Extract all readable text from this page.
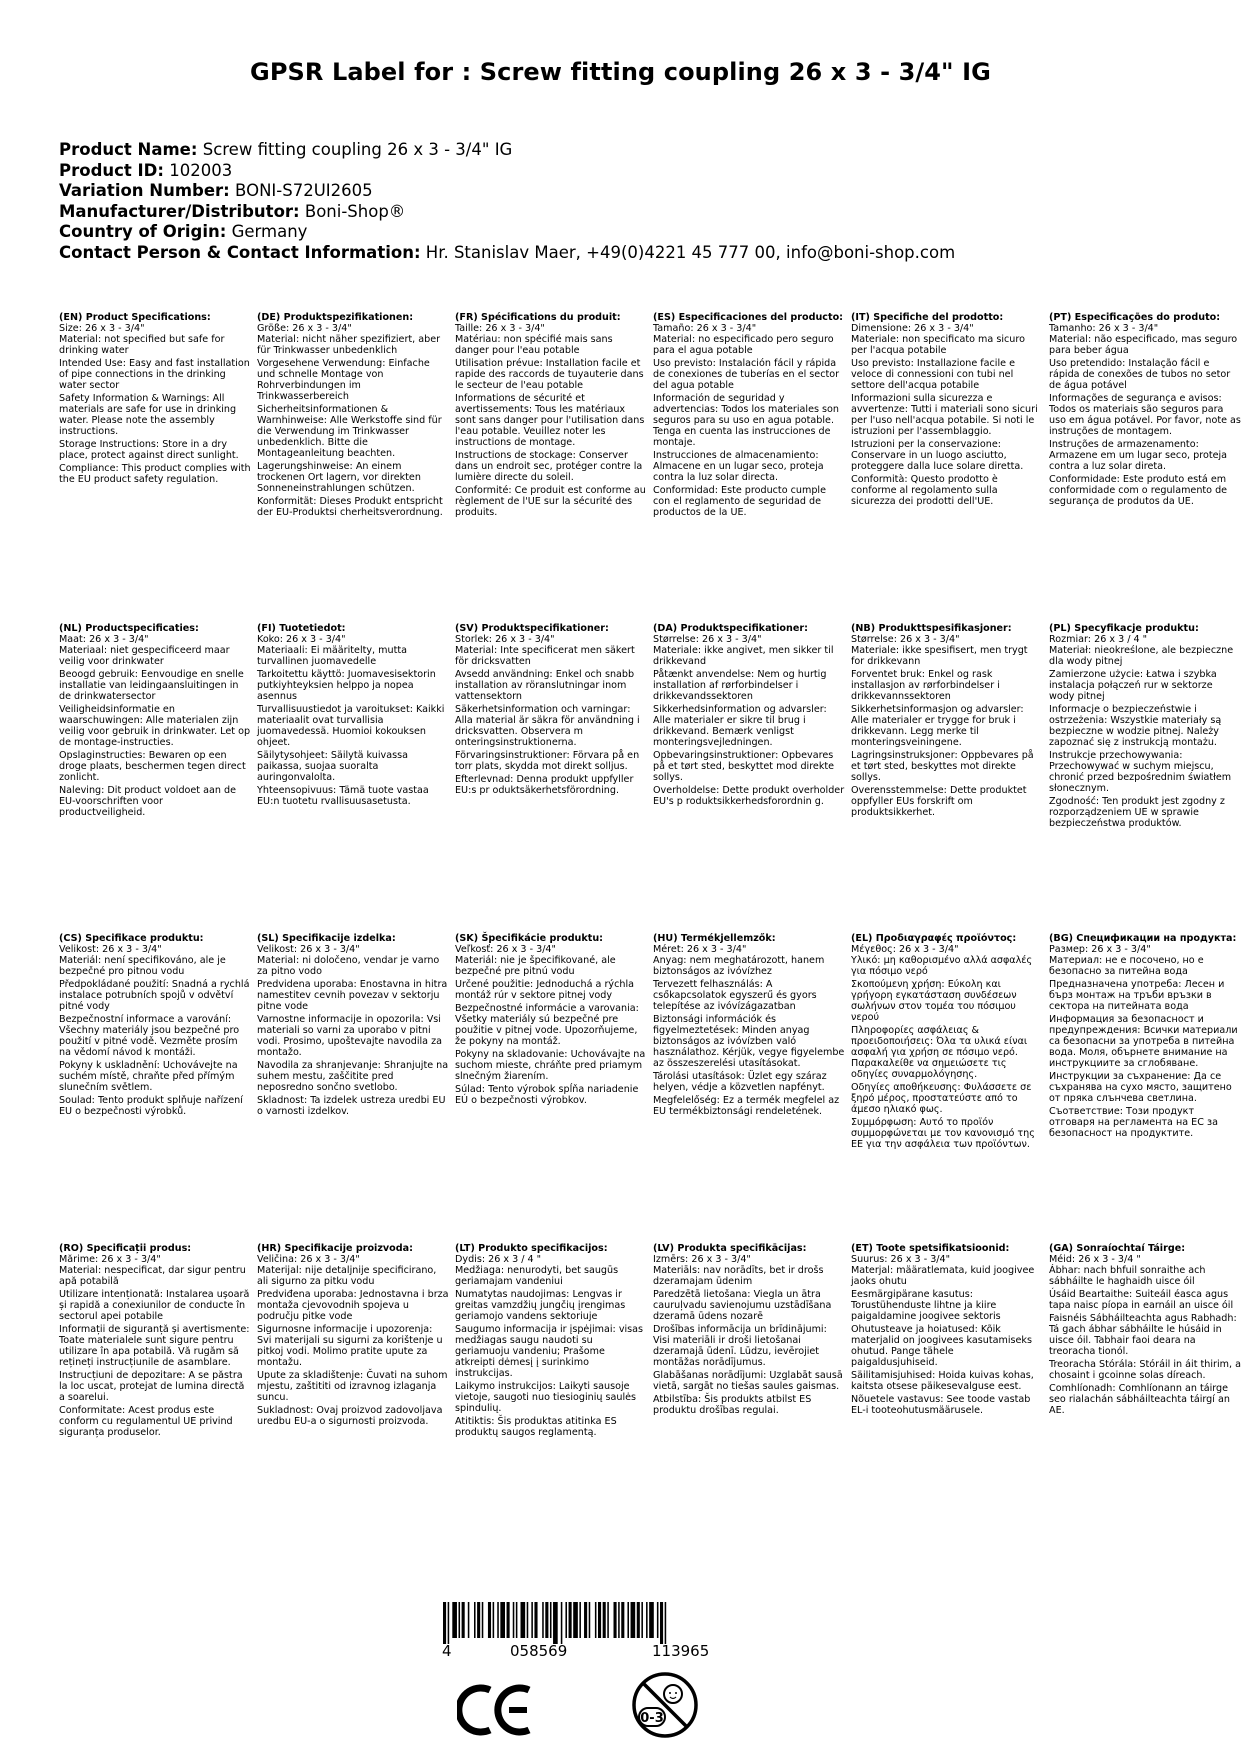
GPSR Label for : Screw fitting coupling 26 x 3 - 3/4" IG
Product Name: Screw fitting coupling 26 x 3 - 3/4" IG
Product ID: 102003
Variation Number: BONI-S72UI2605
Manufacturer/Distributor: Boni-Shop®
Country of Origin: Germany
Contact Person & Contact Information: Hr. Stanislav Maer, +49(0)4221 45 777 00, info@boni-shop.com
(EN) Product Specifications:
Size: 26 x 3 - 3/4"
Material: not specified but safe for drinking water
Intended Use: Easy and fast installation of pipe connections in the drinking water sector
Safety Information & Warnings: All materials are safe for use in drinking water. Please note the assembly instructions.
Storage Instructions: Store in a dry place, protect against direct sunlight.
Compliance: This product complies with the EU product safety regulation.
(DE) Produktspezifikationen:
Größe: 26 x 3 - 3/4"
Material: nicht näher spezifiziert, aber für Trinkwasser unbedenklich
Vorgesehene Verwendung: Einfache und schnelle Montage von Rohrverbindungen im Trinkwasserbereich
Sicherheitsinformationen & Warnhinweise: Alle Werkstoffe sind für die Verwendung im Trinkwasser unbedenklich. Bitte die Montageanleitung beachten.
Lagerungshinweise: An einem trockenen Ort lagern, vor direkten Sonneneinstrahlungen schützen.
Konformität: Dieses Produkt entspricht der EU-Produktsi cherheitsverordnung.
(FR) Spécifications du produit:
Taille: 26 x 3 - 3/4"
Matériau: non spécifié mais sans danger pour l'eau potable
Utilisation prévue: Installation facile et rapide des raccords de tuyauterie dans le secteur de l'eau potable
Informations de sécurité et avertissements: Tous les matériaux sont sans danger pour l'utilisation dans l'eau potable. Veuillez noter les instructions de montage.
Instructions de stockage: Conserver dans un endroit sec, protéger contre la lumière directe du soleil.
Conformité: Ce produit est conforme au règlement de l'UE sur la sécurité des produits.
(ES) Especificaciones del producto:
Tamaño: 26 x 3 - 3/4"
Material: no especificado pero seguro para el agua potable
Uso previsto: Instalación fácil y rápida de conexiones de tuberías en el sector del agua potable
Información de seguridad y advertencias: Todos los materiales son seguros para su uso en agua potable. Tenga en cuenta las instrucciones de montaje.
Instrucciones de almacenamiento: Almacene en un lugar seco, proteja contra la luz solar directa.
Conformidad: Este producto cumple con el reglamento de seguridad de productos de la UE.
(IT) Specifiche del prodotto:
Dimensione: 26 x 3 - 3/4"
Materiale: non specificato ma sicuro per l'acqua potabile
Uso previsto: Installazione facile e veloce di connessioni con tubi nel settore dell'acqua potabile
Informazioni sulla sicurezza e avvertenze: Tutti i materiali sono sicuri per l'uso nell'acqua potabile. Si noti le istruzioni per l'assemblaggio.
Istruzioni per la conservazione: Conservare in un luogo asciutto, proteggere dalla luce solare diretta.
Conformità: Questo prodotto è conforme al regolamento sulla sicurezza dei prodotti dell'UE.
(PT) Especificações do produto:
Tamanho: 26 x 3 - 3/4"
Material: não especificado, mas seguro para beber água
Uso pretendido: Instalação fácil e rápida de conexões de tubos no setor de água potável
Informações de segurança e avisos: Todos os materiais são seguros para uso em água potável. Por favor, note as instruções de montagem.
Instruções de armazenamento: Armazene em um lugar seco, proteja contra a luz solar direta.
Conformidade: Este produto está em conformidade com o regulamento de segurança de produtos da UE.
(NL) Productspecificaties:
Maat: 26 x 3 - 3/4"
Materiaal: niet gespecificeerd maar veilig voor drinkwater
Beoogd gebruik: Eenvoudige en snelle installatie van leidingaansluitingen in de drinkwatersector
Veiligheidsinformatie en waarschuwingen: Alle materialen zijn veilig voor gebruik in drinkwater. Let op de montage-instructies.
Opslaginstructies: Bewaren op een droge plaats, beschermen tegen direct zonlicht.
Naleving: Dit product voldoet aan de EU-voorschriften voor productveiligheid.
(FI) Tuotetiedot:
Koko: 26 x 3 - 3/4"
Materiaali: Ei määritelty, mutta turvallinen juomavedelle
Tarkoitettu käyttö: Juomavesisektorin putkiyhteyksien helppo ja nopea asennus
Turvallisuustiedot ja varoitukset: Kaikki materiaalit ovat turvallisia juomavedessä. Huomioi kokouksen ohjeet.
Säilytysohjeet: Säilytä kuivassa paikassa, suojaa suoralta auringonvalolta.
Yhteensopivuus: Tämä tuote vastaa EU:n tuotetu rvallisuusasetusta.
(SV) Produktspecifikationer:
Storlek: 26 x 3 - 3/4"
Material: Inte specificerat men säkert för dricksvatten
Avsedd användning: Enkel och snabb installation av röranslutningar inom vattensektorn
Säkerhetsinformation och varningar: Alla material är säkra för användning i dricksvatten. Observera m onteringsinstruktionerna.
Förvaringsinstruktioner: Förvara på en torr plats, skydda mot direkt solljus.
Efterlevnad: Denna produkt uppfyller EU:s pr oduktsäkerhetsförordning.
(DA) Produktspecifikationer:
Størrelse: 26 x 3 - 3/4"
Materiale: ikke angivet, men sikker til drikkevand
Påtænkt anvendelse: Nem og hurtig installation af rørforbindelser i drikkevandssektoren
Sikkerhedsinformation og advarsler: Alle materialer er sikre til brug i drikkevand. Bemærk venligst monteringsvejledningen.
Opbevaringsinstruktioner: Opbevares på et tørt sted, beskyttet mod direkte sollys.
Overholdelse: Dette produkt overholder EU's p roduktsikkerhedsforordnin g.
(NB) Produkttspesifikasjoner:
Størrelse: 26 x 3 - 3/4"
Materiale: ikke spesifisert, men trygt for drikkevann
Forventet bruk: Enkel og rask installasjon av rørforbindelser i drikkevannssektoren
Sikkerhetsinformasjon og advarsler: Alle materialer er trygge for bruk i drikkevann. Legg merke til monteringsveiningene.
Lagringsinstruksjoner: Oppbevares på et tørt sted, beskyttes mot direkte sollys.
Overensstemmelse: Dette produktet oppfyller EUs forskrift om produktsikkerhet.
(PL) Specyfikacje produktu:
Rozmiar: 26 x 3 / 4 "
Materiał: nieokreślone, ale bezpieczne dla wody pitnej
Zamierzone użycie: Łatwa i szybka instalacja połączeń rur w sektorze wody pitnej
Informacje o bezpieczeństwie i ostrzeżenia: Wszystkie materiały są bezpieczne w wodzie pitnej. Należy zapoznać się z instrukcją montażu.
Instrukcje przechowywania: Przechowywać w suchym miejscu, chronić przed bezpośrednim światłem słonecznym.
Zgodność: Ten produkt jest zgodny z rozporządzeniem UE w sprawie bezpieczeństwa produktów.
(CS) Specifikace produktu:
Velikost: 26 x 3 - 3/4"
Materiál: není specifikováno, ale je bezpečné pro pitnou vodu
Předpokládané použití: Snadná a rychlá instalace potrubních spojů v odvětví pitné vody
Bezpečnostní informace a varování: Všechny materiály jsou bezpečné pro použití v pitné vodě. Vezměte prosím na vědomí návod k montáži.
Pokyny k uskladnění: Uchovávejte na suchém místě, chraňte před přímým slunečním světlem.
Soulad: Tento produkt splňuje nařízení EU o bezpečnosti výrobků.
(SL) Specifikacije izdelka:
Velikost: 26 x 3 - 3/4"
Material: ni določeno, vendar je varno za pitno vodo
Predvidena uporaba: Enostavna in hitra namestitev cevnih povezav v sektorju pitne vode
Varnostne informacije in opozorila: Vsi materiali so varni za uporabo v pitni vodi. Prosimo, upoštevajte navodila za montažo.
Navodila za shranjevanje: Shranjujte na suhem mestu, zaščitite pred neposredno sončno svetlobo.
Skladnost: Ta izdelek ustreza uredbi EU o varnosti izdelkov.
(SK) Špecifikácie produktu:
Veľkosť: 26 x 3 - 3/4"
Materiál: nie je špecifikované, ale bezpečné pre pitnú vodu
Určené použitie: Jednoduchá a rýchla montáž rúr v sektore pitnej vody
Bezpečnostné informácie a varovania: Všetky materiály sú bezpečné pre použitie v pitnej vode. Upozorňujeme, že pokyny na montáž.
Pokyny na skladovanie: Uchovávajte na suchom mieste, chráňte pred priamym slnečným žiarením.
Súlad: Tento výrobok spĺňa nariadenie EÚ o bezpečnosti výrobkov.
(HU) Termékjellemzők:
Méret: 26 x 3 - 3/4"
Anyag: nem meghatározott, hanem biztonságos az ivóvízhez
Tervezett felhasználás: A csőkapcsolatok egyszerű és gyors telepítése az ivóvízágazatban
Biztonsági információk és figyelmeztetések: Minden anyag biztonságos az ivóvízben való használathoz. Kérjük, vegye figyelembe az összeszerelési utasításokat.
Tárolási utasítások: Üzlet egy száraz helyen, védje a közvetlen napfényt.
Megfelelőség: Ez a termék megfelel az EU termékbiztonsági rendeletének.
(EL) Προδιαγραφές προϊόντος:
Μέγεθος: 26 x 3 - 3/4"
Υλικό: μη καθορισμένο αλλά ασφαλές για πόσιμο νερό
Σκοπούμενη χρήση: Εύκολη και γρήγορη εγκατάσταση συνδέσεων σωλήνων στον τομέα του πόσιμου νερού
Πληροφορίες ασφάλειας & προειδοποιήσεις: Όλα τα υλικά είναι ασφαλή για χρήση σε πόσιμο νερό. Παρακαλείθε να σημειώσετε τις οδηγίες συναρμολόγησης.
Οδηγίες αποθήκευσης: Φυλάσσετε σε ξηρό μέρος, προστατεύστε από το άμεσο ηλιακό φως.
Συμμόρφωση: Αυτό το προϊόν συμμορφώνεται με τον κανονισμό της ΕΕ για την ασφάλεια των προϊόντων.
(BG) Спецификации на продукта:
Размер: 26 x 3 - 3/4"
Материал: не е посочено, но е безопасно за питейна вода
Предназначена употреба: Лесен и бърз монтаж на тръби връзки в сектора на питейната вода
Информация за безопасност и предупреждения: Всички материали са безопасни за употреба в питейна вода. Моля, обърнете внимание на инструкциите за сглобяване.
Инструкции за съхранение: Да се съхранява на сухо място, защитено от пряка слънчева светлина.
Съответствие: Този продукт отговаря на регламента на ЕС за безопасност на продуктите.
(RO) Specificații produs:
Mărime: 26 x 3 - 3/4"
Material: nespecificat, dar sigur pentru apă potabilă
Utilizare intenționată: Instalarea ușoară și rapidă a conexiunilor de conducte în sectorul apei potabile
Informații de siguranță și avertismente: Toate materialele sunt sigure pentru utilizare în apa potabilă. Vă rugăm să rețineți instrucțiunile de asamblare.
Instrucțiuni de depozitare: A se păstra la loc uscat, protejat de lumina directă a soarelui.
Conformitate: Acest produs este conform cu regulamentul UE privind siguranța produselor.
(HR) Specifikacije proizvoda:
Veličina: 26 x 3 - 3/4"
Materijal: nije detaljnije specificirano, ali sigurno za pitku vodu
Predviđena uporaba: Jednostavna i brza montaža cjevovodnih spojeva u području pitke vode
Sigurnosne informacije i upozorenja: Svi materijali su sigurni za korištenje u pitkoj vodi. Molimo pratite upute za montažu.
Upute za skladištenje: Čuvati na suhom mjestu, zaštititi od izravnog izlaganja suncu.
Sukladnost: Ovaj proizvod zadovoljava uredbu EU-a o sigurnosti proizvoda.
(LT) Produkto specifikacijos:
Dydis: 26 x 3 / 4 "
Medžiaga: nenurodyti, bet saugūs geriamajam vandeniui
Numatytas naudojimas: Lengvas ir greitas vamzdžių jungčių įrengimas geriamojo vandens sektoriuje
Saugumo informacija ir įspėjimai: visas medžiagas saugu naudoti su geriamuoju vandeniu; Prašome atkreipti dėmesį į surinkimo instrukcijas.
Laikymo instrukcijos: Laikyti sausoje vietoje, saugoti nuo tiesioginių saulės spindulių.
Atitiktis: Šis produktas atitinka ES produktų saugos reglamentą.
(LV) Produkta specifikācijas:
Izmērs: 26 x 3 - 3/4"
Materiāls: nav norādīts, bet ir drošs dzeramajam ūdenim
Paredzētā lietošana: Viegla un ātra cauruļvadu savienojumu uzstādīšana dzeramā ūdens nozarē
Drošības informācija un brīdinājumi: Visi materiāli ir droši lietošanai dzeramajā ūdenī. Lūdzu, ievērojiet montāžas norādījumus.
Glabāšanas norādījumi: Uzglabāt sausā vietā, sargāt no tiešas saules gaismas.
Atbilstība: Šis produkts atbilst ES produktu drošības regulai.
(ET) Toote spetsifikatsioonid:
Suurus: 26 x 3 - 3/4"
Materjal: määratlemata, kuid joogivee jaoks ohutu
Eesmärgipärane kasutus: Torustühenduste lihtne ja kiire paigaldamine joogivee sektoris
Ohutusteave ja hoiatused: Kõik materjalid on joogivees kasutamiseks ohutud. Pange tähele paigaldusjuhiseid.
Säilitamisjuhised: Hoida kuivas kohas, kaitsta otsese päikesevalguse eest.
Nõuetele vastavus: See toode vastab EL-i tooteohutusmäärusele.
(GA) Sonraíochtaí Táirge:
Méid: 26 x 3 - 3/4 "
Ábhar: nach bhfuil sonraithe ach sábháilte le haghaidh uisce óil
Úsáid Beartaithe: Suiteáil éasca agus tapa naisc píopa in earnáil an uisce óil
Faisnéis Sábháilteachta agus Rabhadh: Tá gach ábhar sábháilte le húsáid in uisce óil. Tabhair faoi deara na treoracha tionól.
Treoracha Stórála: Stóráil in áit thirim, a chosaint i gcoinne solas díreach.
Comhlíonadh: Comhlíonann an táirge seo rialachán sábháilteachta táirgí an AE.
4	058569	113965
0-3
